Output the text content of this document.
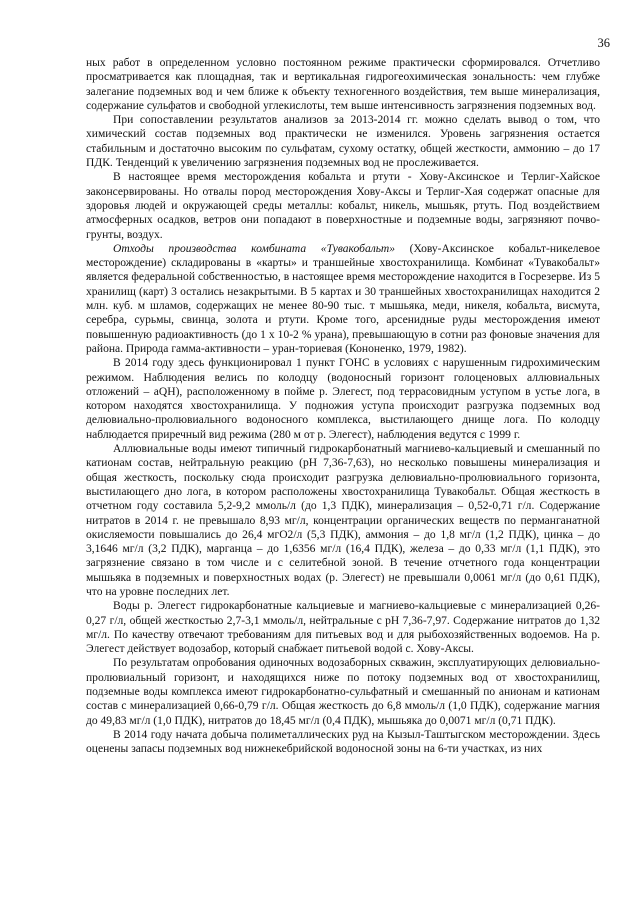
36

ных работ в определенном условно постоянном режиме практически сформировался. Отчетливо просматривается как площадная, так и вертикальная гидрогеохимическая зональность: чем глубже залегание подземных вод и чем ближе к объекту техногенного воздействия, тем выше минерализация, содержание сульфатов и свободной углекислоты, тем выше интенсивность загрязнения подземных вод.

При сопоставлении результатов анализов за 2013-2014 гг. можно сделать вывод о том, что химический состав подземных вод практически не изменился. Уровень загрязнения остается стабильным и достаточно высоким по сульфатам, сухому остатку, общей жесткости, аммонию – до 17 ПДК. Тенденций к увеличению загрязнения подземных вод не прослеживается.

В настоящее время месторождения кобальта и ртути - Хову-Аксинское и Терлиг-Хайское законсервированы. Но отвалы пород месторождения Хову-Аксы и Терлиг-Хая содержат опасные для здоровья людей и окружающей среды металлы: кобальт, никель, мышьяк, ртуть. Под воздействием атмосферных осадков, ветров они попадают в поверхностные и подземные воды, загрязняют почво-грунты, воздух.

Отходы производства комбината «Тувакобальт» (Хову-Аксинское кобальт-никелевое месторождение) складированы в «карты» и траншейные хвостохранилища. Комбинат «Тувакобальт» является федеральной собственностью, в настоящее время месторождение находится в Госрезерве. Из 5 хранилищ (карт) 3 остались незакрытыми. В 5 картах и 30 траншейных хвостохранилищах находится 2 млн. куб. м шламов, содержащих не менее 80-90 тыс. т мышьяка, меди, никеля, кобальта, висмута, серебра, сурьмы, свинца, золота и ртути. Кроме того, арсенидные руды месторождения имеют повышенную радиоактивность (до 1 х 10-2 % урана), превышающую в сотни раз фоновые значения для района. Природа гамма-активности – уран-ториевая (Кононенко, 1979, 1982).

В 2014 году здесь функционировал 1 пункт ГОНС в условиях с нарушенным гидрохимическим режимом. Наблюдения велись по колодцу (водоносный горизонт голоценовых аллювиальных отложений – aQH), расположенному в пойме р. Элегест, под террасовидным уступом в устье лога, в котором находятся хвостохранилища. У подножия уступа происходит разгрузка подземных вод делювиально-пролювиального водоносного комплекса, выстилающего днище лога. По колодцу наблюдается приречный вид режима (280 м от р. Элегест), наблюдения ведутся с 1999 г.

Аллювиальные воды имеют типичный гидрокарбонатный магниево-кальциевый и смешанный по катионам состав, нейтральную реакцию (pH 7,36-7,63), но несколько повышены минерализация и общая жесткость, поскольку сюда происходит разгрузка делювиально-пролювиального горизонта, выстилающего дно лога, в котором расположены хвостохранилища Тувакобальт. Общая жесткость в отчетном году составила 5,2-9,2 ммоль/л (до 1,3 ПДК), минерализация – 0,52-0,71 г/л. Содержание нитратов в 2014 г. не превышало 8,93 мг/л, концентрации органических веществ по перманганатной окисляемости повышались до 26,4 мгO2/л (5,3 ПДК), аммония – до 1,8 мг/л (1,2 ПДК), цинка – до 3,1646 мг/л (3,2 ПДК), марганца – до 1,6356 мг/л (16,4 ПДК), железа – до 0,33 мг/л (1,1 ПДК), это загрязнение связано в том числе и с селитебной зоной. В течение отчетного года концентрации мышьяка в подземных и поверхностных водах (р. Элегест) не превышали 0,0061 мг/л (до 0,61 ПДК), что на уровне последних лет.

Воды р. Элегест гидрокарбонатные кальциевые и магниево-кальциевые с минерализацией 0,26-0,27 г/л, общей жесткостью 2,7-3,1 ммоль/л, нейтральные с pH 7,36-7,97. Содержание нитратов до 1,32 мг/л. По качеству отвечают требованиям для питьевых вод и для рыбохозяйственных водоемов. На р. Элегест действует водозабор, который снабжает питьевой водой с. Хову-Аксы.

По результатам опробования одиночных водозаборных скважин, эксплуатирующих делювиально-пролювиальный горизонт, и находящихся ниже по потоку подземных вод от хвостохранилищ, подземные воды комплекса имеют гидрокарбонатно-сульфатный и смешанный по анионам и катионам состав с минерализацией 0,66-0,79 г/л. Общая жесткость до 6,8 ммоль/л (1,0 ПДК), содержание магния до 49,83 мг/л (1,0 ПДК), нитратов до 18,45 мг/л (0,4 ПДК), мышьяка до 0,0071 мг/л (0,71 ПДК).

В 2014 году начата добыча полиметаллических руд на Кызыл-Таштыгском месторождении. Здесь оценены запасы подземных вод нижнекебрийской водоносной зоны на 6-ти участках, из них
